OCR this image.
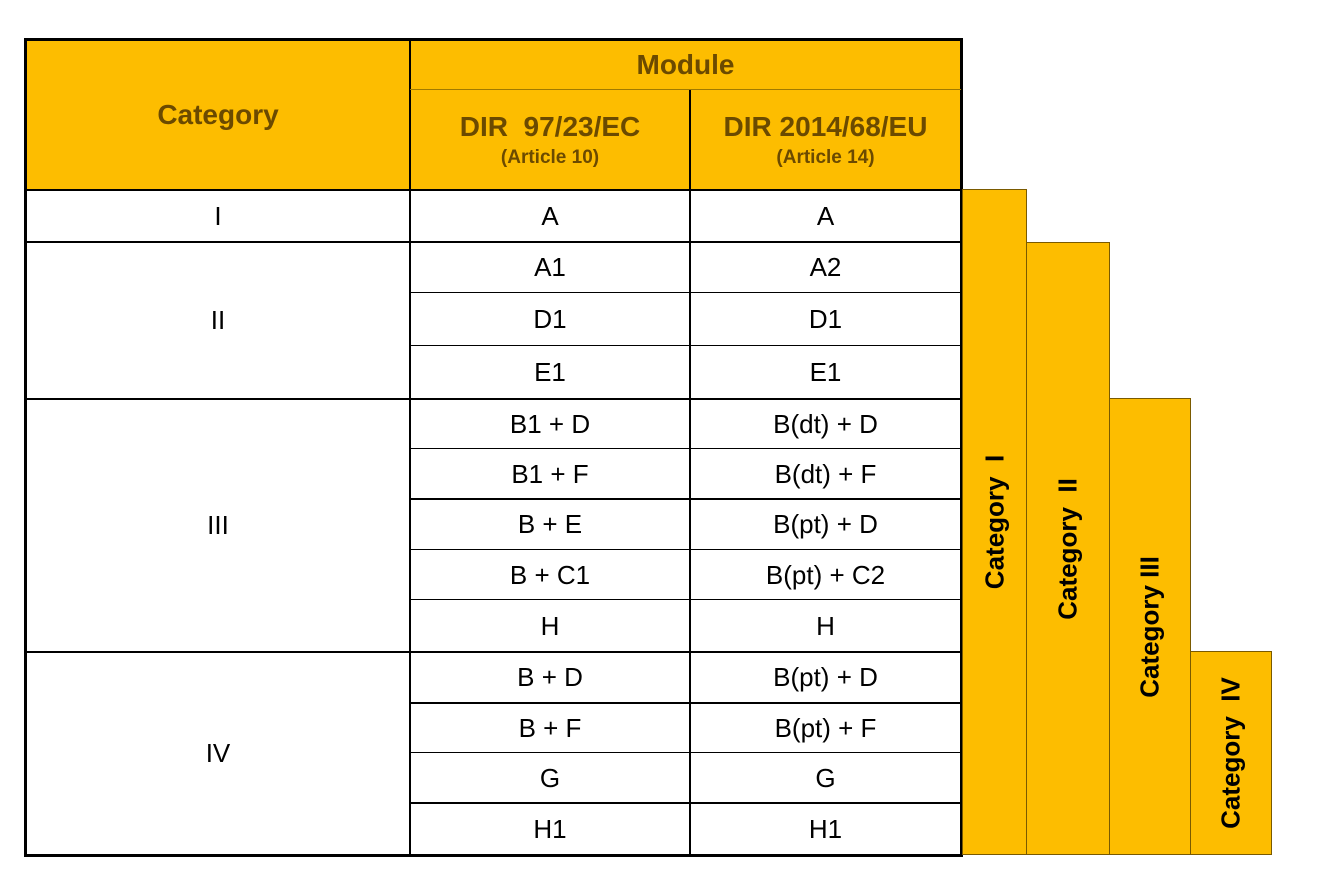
Category
Module
DIR  97/23/EC
(Article 10)
DIR 2014/68/EU
(Article 14)
I
II
III
IV
A
A1
D1
E1
B1 + D
B1 + F
B + E
B + C1
H
B + D
B + F
G
H1
A
A2
D1
E1
B(dt) + D
B(dt) + F
B(pt) + D
B(pt) + C2
H
B(pt) + D
B(pt) + F
G
H1
Category  I Category  II
Category III
Category  IV
